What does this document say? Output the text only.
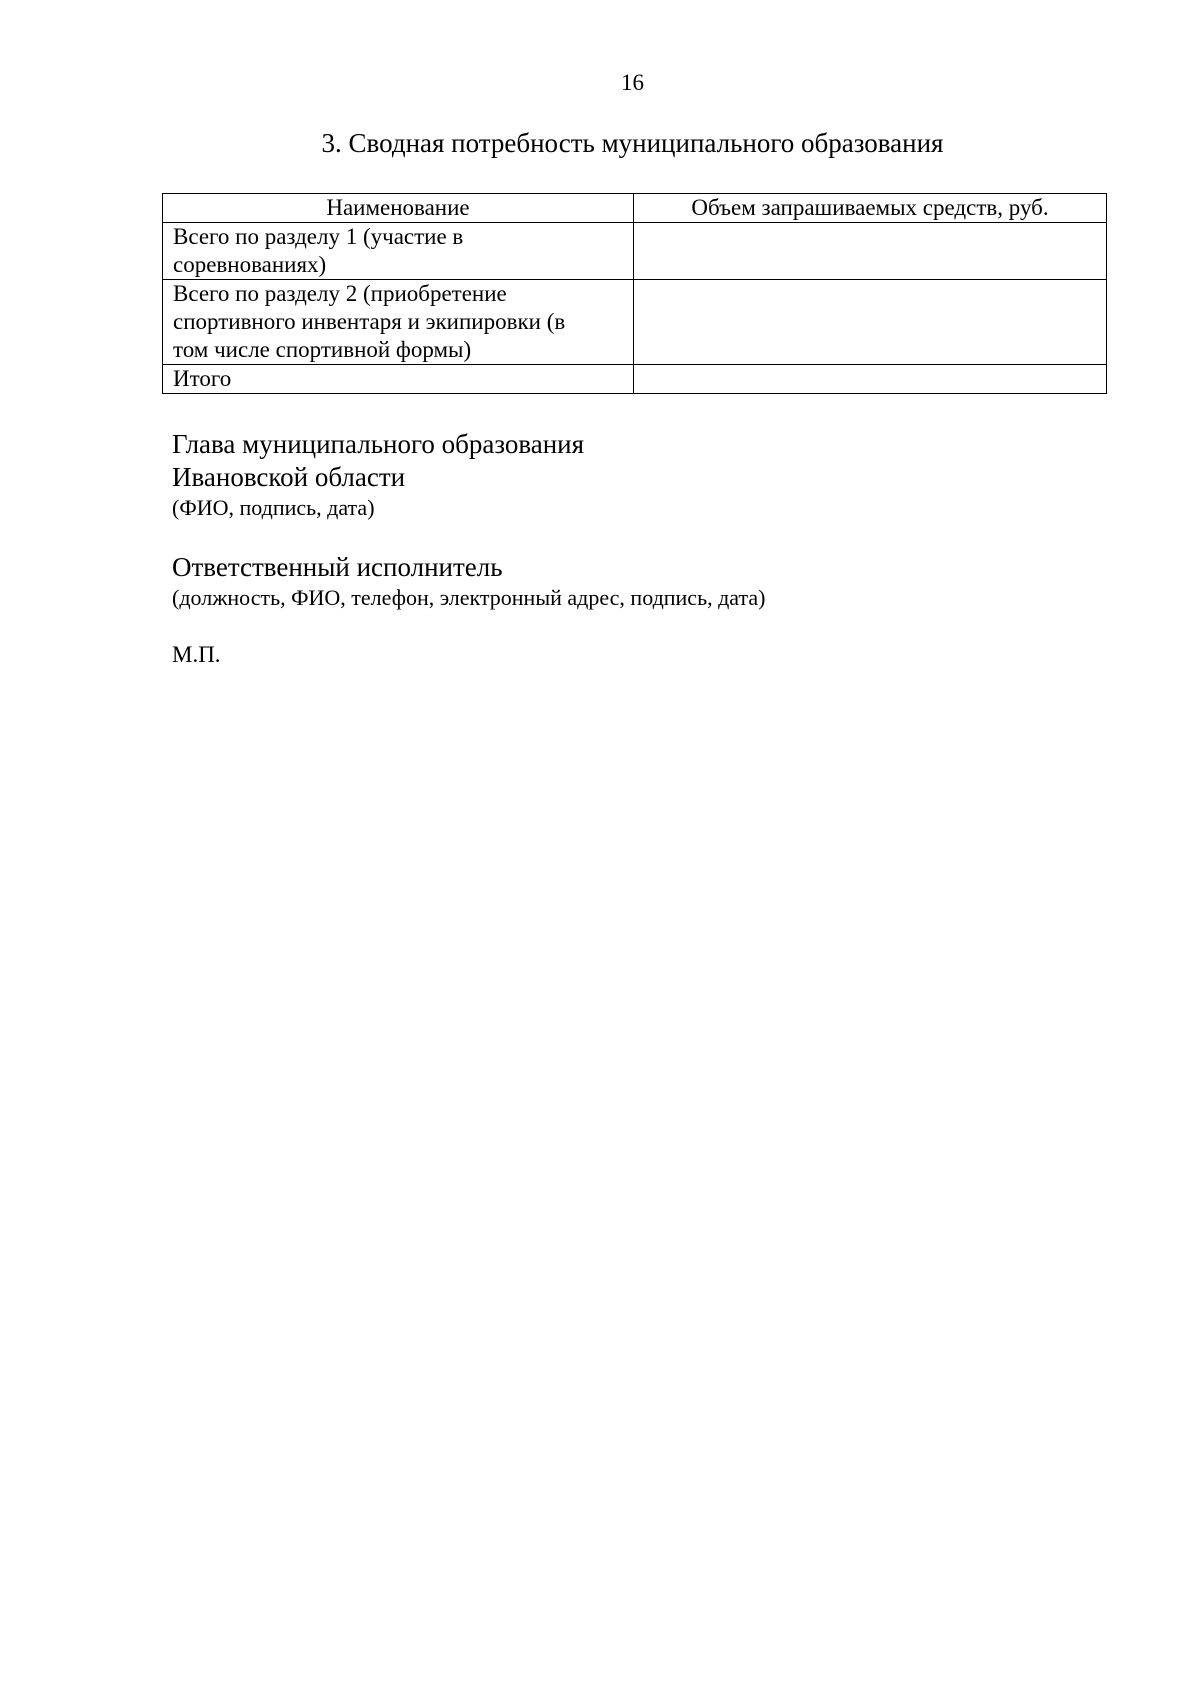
16
3. Сводная потребность муниципального образования
Наименование	Объем запрашиваемых средств, руб.

Всего по разделу 1 (участие в
соревнованиях)	

Всего по разделу 2 (приобретение
спортивного инвентаря и экипировки (в
том числе спортивной формы)	

Итого	

Глава муниципального образования
Ивановской области
(ФИО, подпись, дата)
Ответственный исполнитель
(должность, ФИО, телефон, электронный адрес, подпись, дата)
М.П.
